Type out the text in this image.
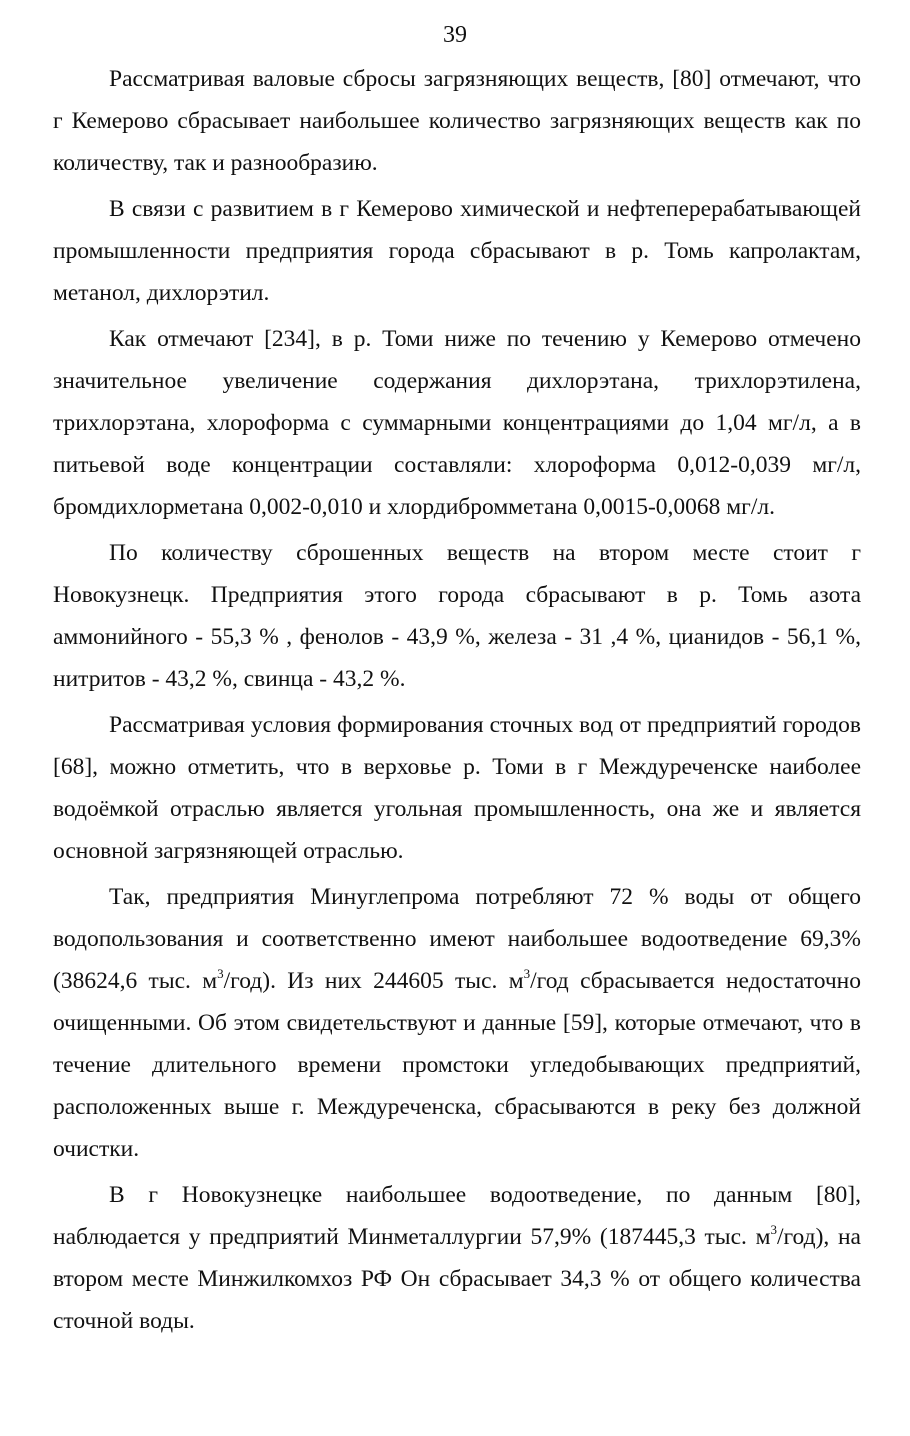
39

Рассматривая валовые сбросы загрязняющих веществ, [80] отмечают, что г Кемерово сбрасывает наибольшее количество загрязняющих веществ как по количеству, так и разнообразию.

В связи с развитием в г Кемерово химической и нефтеперерабатывающей промышленности предприятия города сбрасывают в р. Томь капролактам, метанол, дихлорэтил.

Как отмечают [234], в р. Томи ниже по течению у Кемерово отмечено значительное увеличение содержания дихлорэтана, трихлорэтилена, трихлорэтана, хлороформа с суммарными концентрациями до 1,04 мг/л, а в питьевой воде концентрации составляли: хлороформа 0,012-0,039 мг/л, бромдихлорметана 0,002-0,010 и хлордибромметана 0,0015-0,0068 мг/л.

По количеству сброшенных веществ на втором месте стоит г Новокузнецк. Предприятия этого города сбрасывают в р. Томь азота аммонийного - 55,3 % , фенолов - 43,9 %, железа - 31 ,4 %, цианидов - 56,1 %, нитритов - 43,2 %, свинца - 43,2 %.

Рассматривая условия формирования сточных вод от предприятий городов [68], можно отметить, что в верховье р. Томи в г Междуреченске наиболее водоёмкой отраслью является угольная промышленность, она же и является основной загрязняющей отраслью.

Так, предприятия Минуглепрома потребляют 72 % воды от общего водопользования и соответственно имеют наибольшее водоотведение 69,3% (38624,6 тыс. $м^3/год$). Из них 244605 тыс. $м^3$/год сбрасывается недостаточно очищенными. Об этом свидетельствуют и данные [59], которые отмечают, что в течение длительного времени промстоки угледобывающих предприятий, расположенных выше г. Междуреченска, сбрасываются в реку без должной очистки.

В г Новокузнецке наибольшее водоотведение, по данным [80], наблюдается у предприятий Минметаллургии 57,9% (187445,3 тыс. $м^3/год$), на втором месте Минжилкомхоз РФ Он сбрасывает 34,3 % от общего количества сточной воды.
